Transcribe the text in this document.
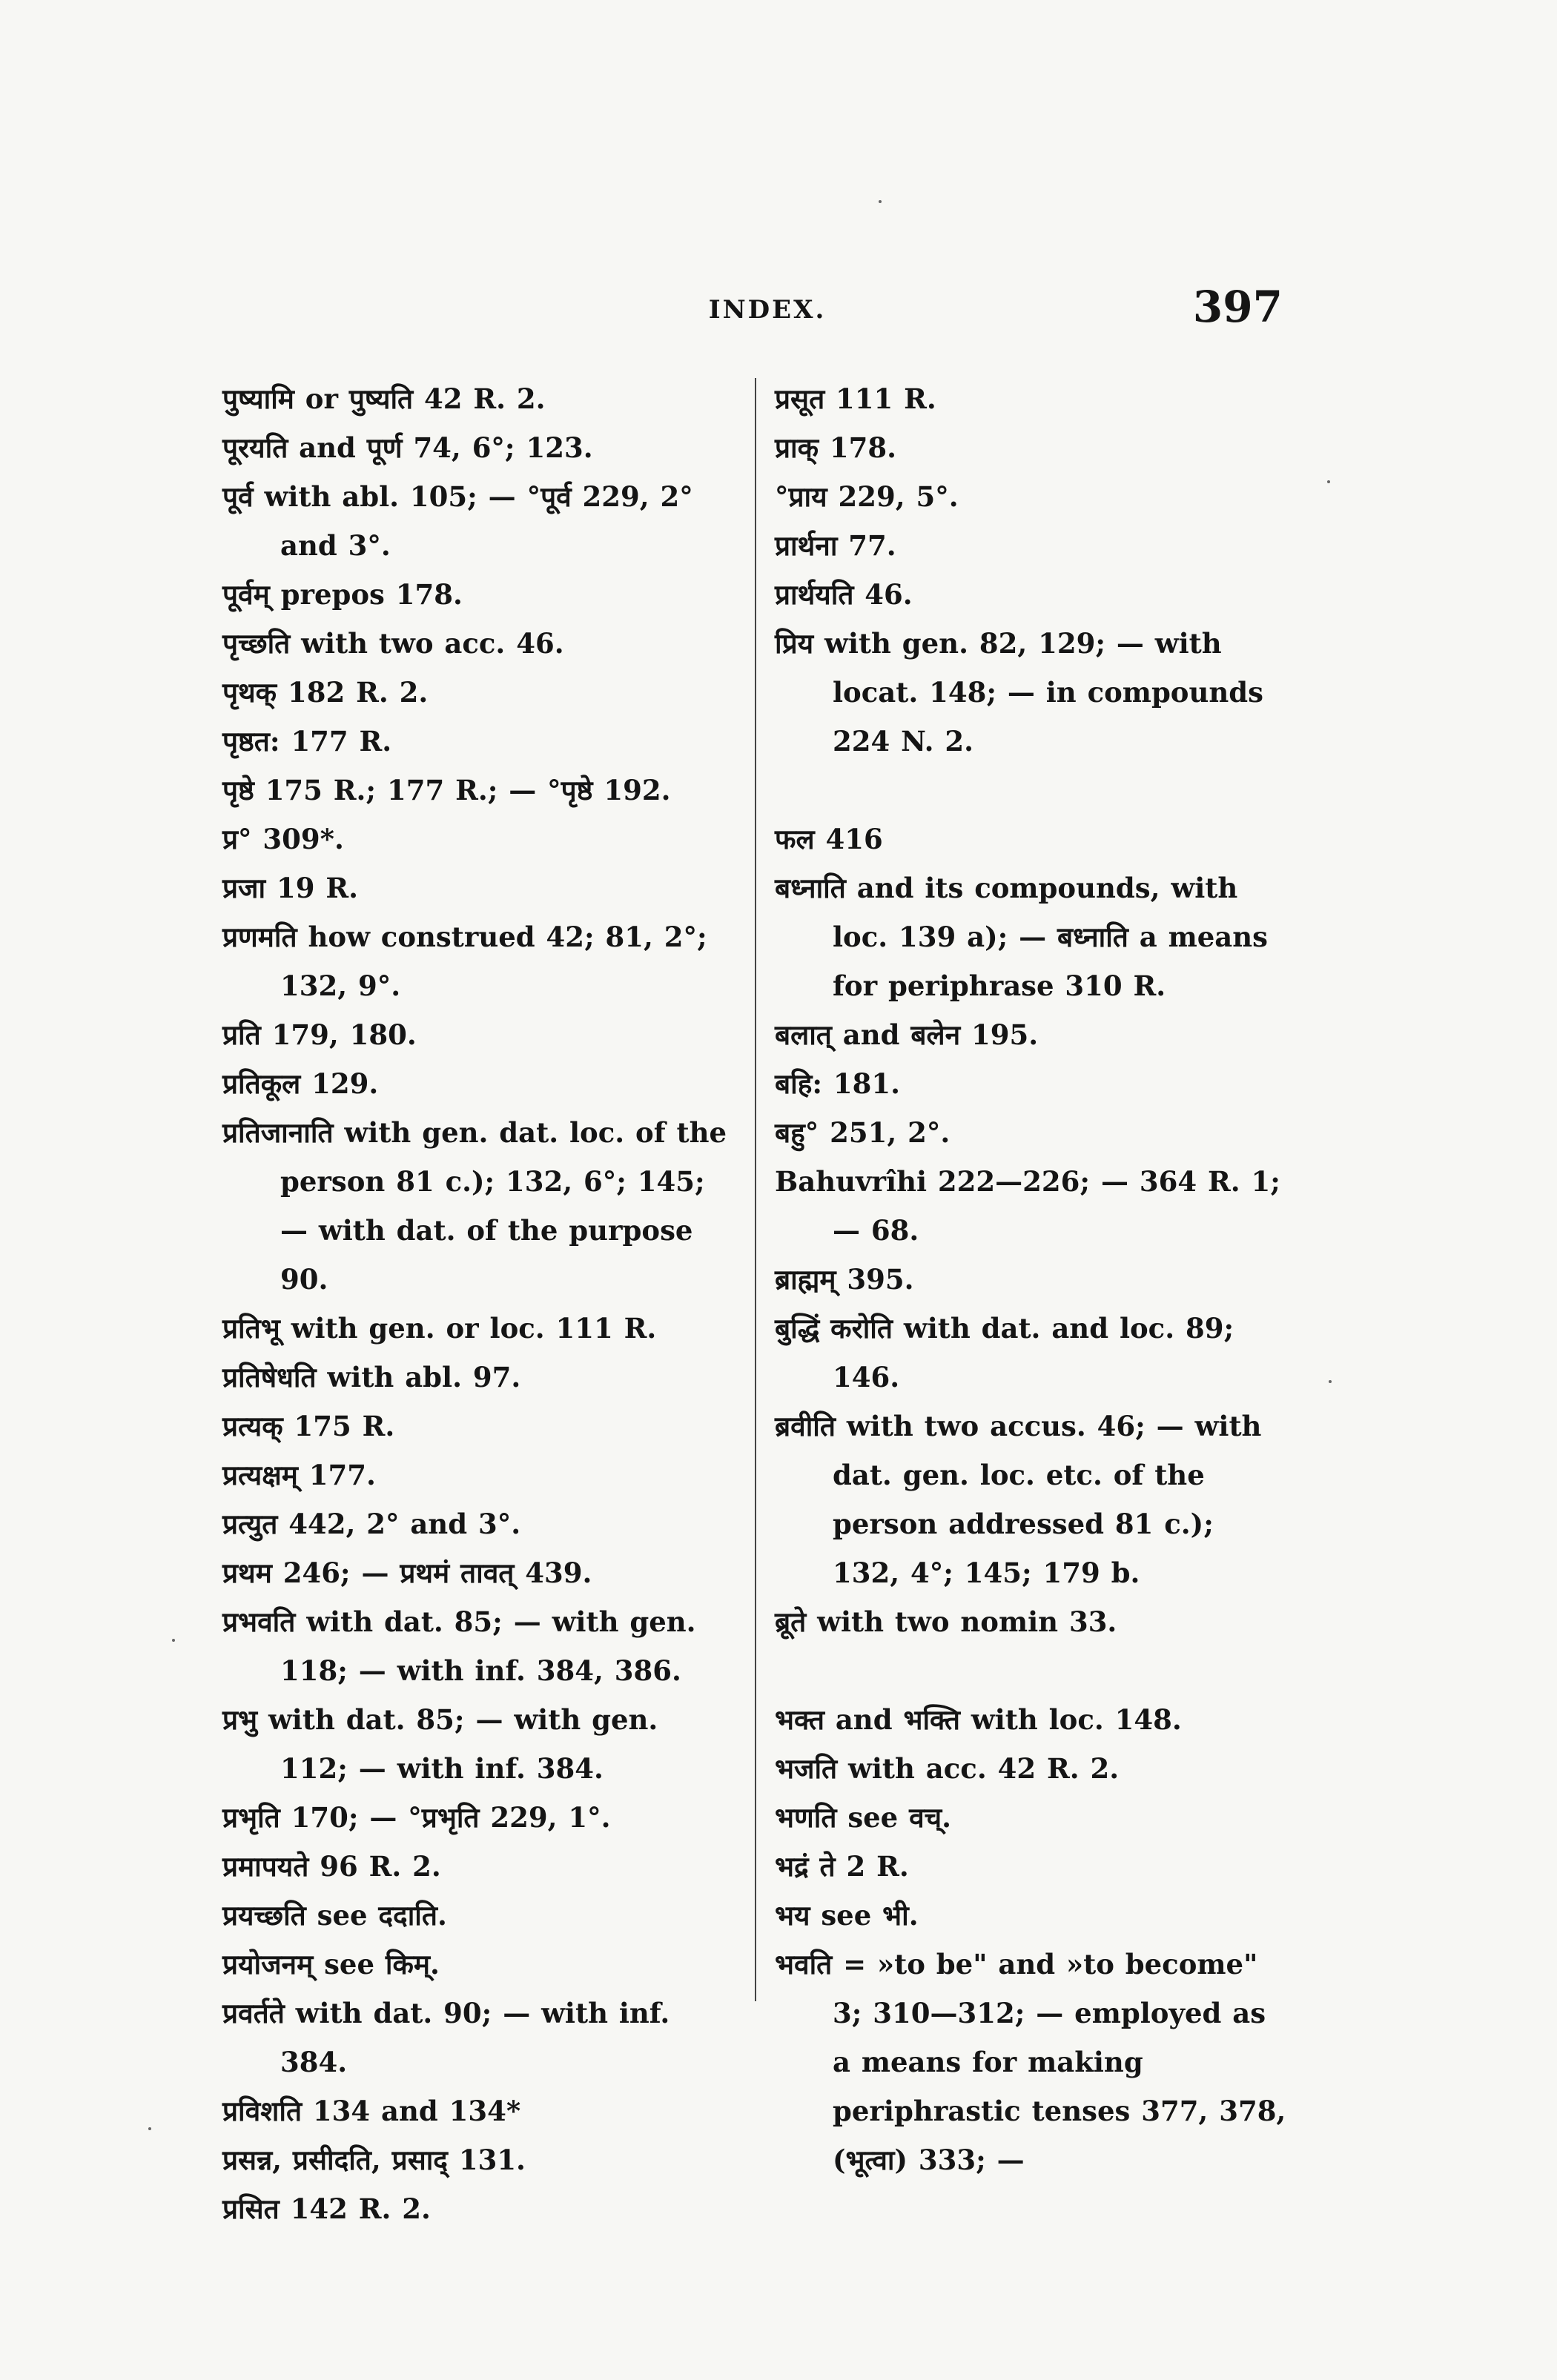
INDEX.	397
पुष्यामि or पुष्यति 42 R. 2.
पूरयति and पूर्ण 74, 6°; 123.
पूर्व with abl. 105; — °पूर्व 229, 2° and 3°.
पूर्वम् prepos 178.
पृच्छति with two acc. 46.
पृथक् 182 R. 2.
पृष्ठत: 177 R.
पृष्ठे 175 R.; 177 R.; — °पृष्ठे 192.
प्र° 309*.
प्रजा 19 R.
प्रणमति how construed 42; 81, 2°; 132, 9°.
प्रति 179, 180.
प्रतिकूल 129.
प्रतिजानाति with gen. dat. loc. of the person 81 c.); 132, 6°; 145; — with dat. of the purpose 90.
प्रतिभू with gen. or loc. 111 R.
प्रतिषेधति with abl. 97.
प्रत्यक् 175 R.
प्रत्यक्षम् 177.
प्रत्युत 442, 2° and 3°.
प्रथम 246; — प्रथमं तावत् 439.
प्रभवति with dat. 85; — with gen. 118; — with inf. 384, 386.
प्रभु with dat. 85; — with gen. 112; — with inf. 384.
प्रभृति 170; — °प्रभृति 229, 1°.
प्रमापयते 96 R. 2.
प्रयच्छति see ददाति.
प्रयोजनम् see किम्.
प्रवर्तते with dat. 90; — with inf. 384.
प्रविशति 134 and 134*
प्रसन्न, प्रसीदति, प्रसाद् 131.
प्रसित 142 R. 2.
प्रसूत 111 R.
प्राक् 178.
°प्राय 229, 5°.
प्रार्थना 77.
प्रार्थयति 46.
प्रिय with gen. 82, 129; — with locat. 148; — in compounds 224 N. 2.
फल 416
बध्नाति and its compounds, with loc. 139 a); — बध्नाति a means for periphrase 310 R.
बलात् and बलेन 195.
बहि: 181.
बहु° 251, 2°.
Bahuvrîhi 222—226; — 364 R. 1; — 68.
ब्राह्मम् 395.
बुद्धिं करोति with dat. and loc. 89; 146.
ब्रवीति with two accus. 46; — with dat. gen. loc. etc. of the person addressed 81 c.); 132, 4°; 145; 179 b.
ब्रूते with two nomin 33.
भक्त and भक्ति with loc. 148.
भजति with acc. 42 R. 2.
भणति see वच्.
भद्रं ते 2 R.
भय see भी.
भवति = »to be" and »to become" 3; 310—312; — employed as a means for making periphrastic tenses 377, 378, (भूत्वा) 333; —
